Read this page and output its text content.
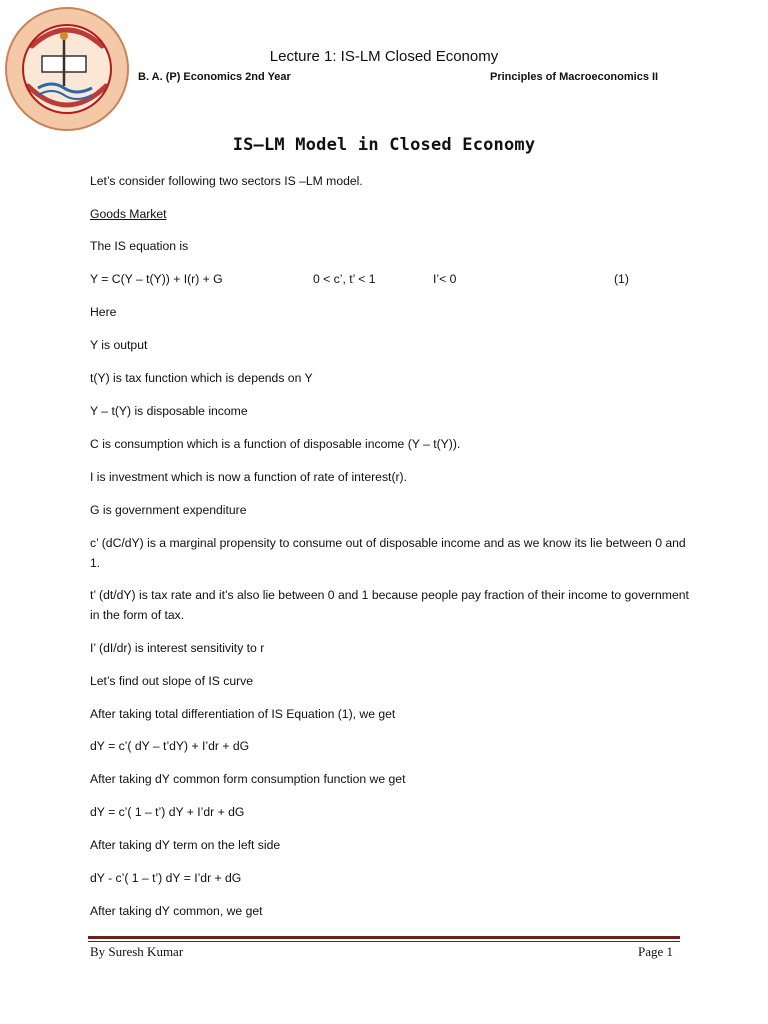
Lecture 1: IS-LM Closed Economy
B. A. (P) Economics 2nd Year	Principles of Macroeconomics II
IS–LM Model in Closed Economy
Let’s consider following two sectors IS –LM model.
Goods Market
The IS equation is
Y = C(Y – t(Y)) + I(r) + G	0 < c’, t’ < 1	I’< 0	(1)
Here
Y is output
t(Y) is tax function which is depends on Y
Y – t(Y) is disposable income
C is consumption which is a function of disposable income (Y – t(Y)).
I is investment which is now a function of rate of interest(r).
G is government expenditure
c’ (dC/dY) is a marginal propensity to consume out of disposable income and as we know its lie between 0 and 1.
t’ (dt/dY) is tax rate and it’s also lie between 0 and 1 because people pay fraction of their income to government in the form of tax.
I’ (dI/dr) is interest sensitivity to r
Let’s find out slope of IS curve
After taking total differentiation of IS Equation (1), we get
dY = c’( dY – t’dY) + I’dr + dG
After taking dY common form consumption function we get
dY = c’( 1 – t’) dY + I’dr + dG
After taking dY term on the left side
dY - c’( 1 – t’) dY = I’dr + dG
After taking dY common, we get
By Suresh Kumar	Page 1
